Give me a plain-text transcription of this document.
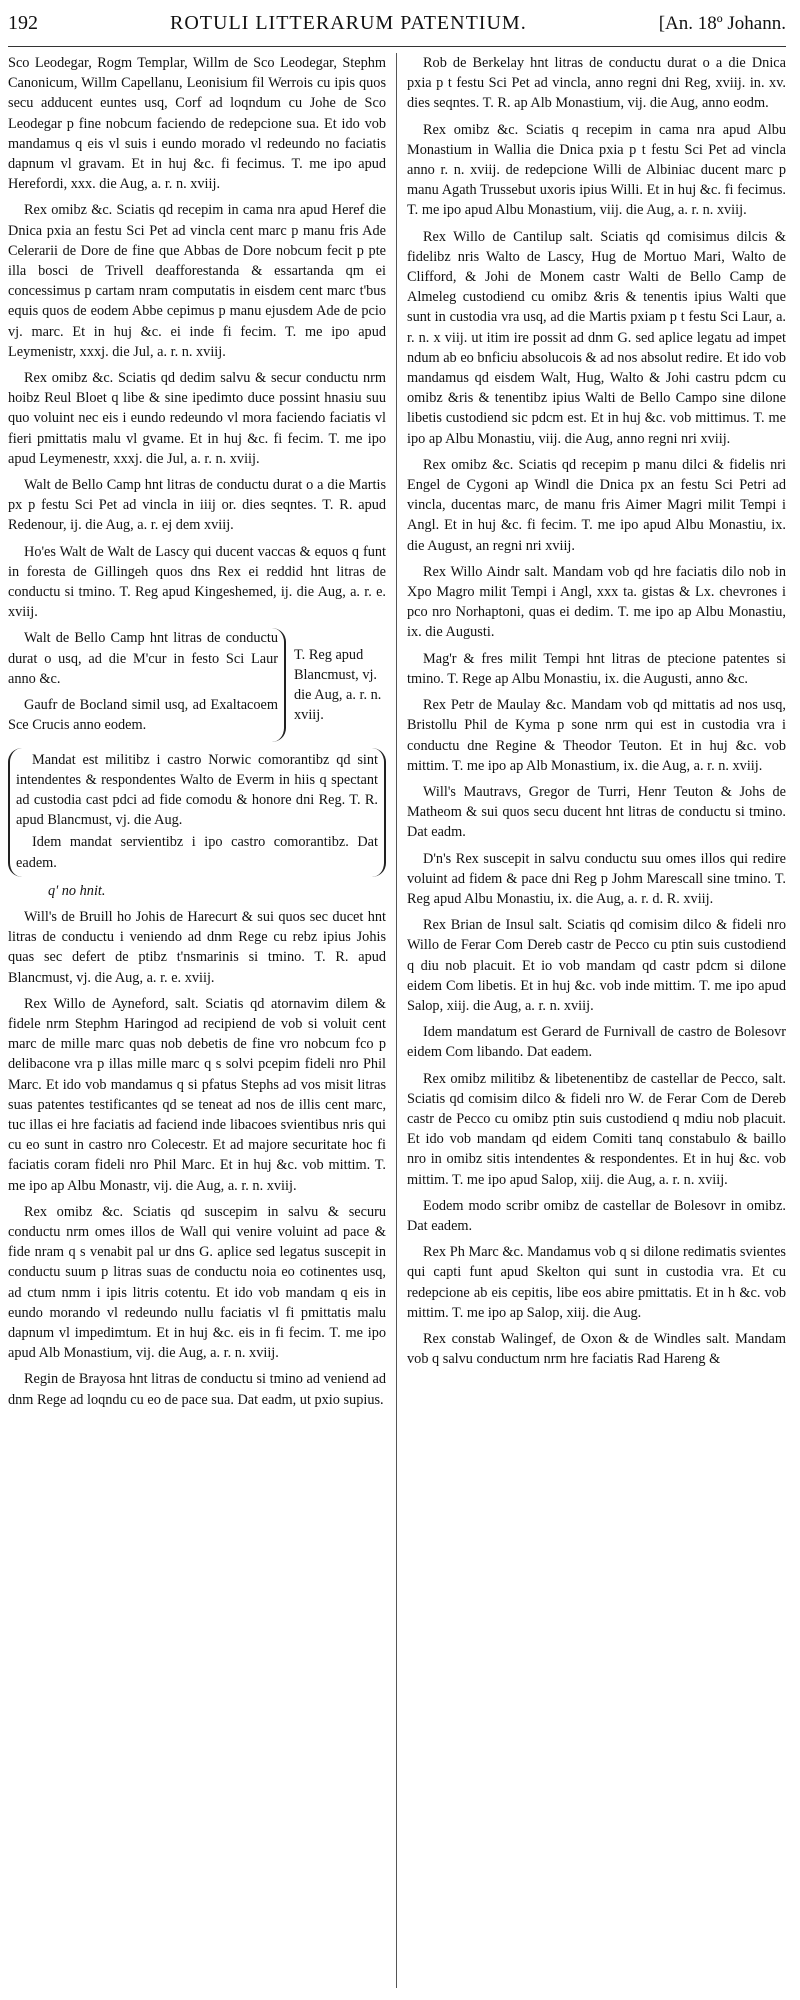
192	ROTULI LITTERARUM PATENTIUM.	[An. 18º Johann.

Sco Leodegar, Rogm Templar, Willm de Sco Leodegar, Stephm Canonicum, Willm Capellanu, Leonisium fil Werrois cu ipis quos secu adducent euntes usq, Corf ad loqndum cu Johe de Sco Leodegar p fine nobcum faciendo de redepcione sua. Et ido vob mandamus q eis vl suis i eundo morado vl redeundo no faciatis dapnum vl gravam. Et in huj &c. fi fecimus. T. me ipo apud Herefordi, xxx. die Aug, a. r. n. xviij.

Rex omibz &c. Sciatis qd recepim in cama nra apud Heref die Dnica pxia an festu Sci Pet ad vincla cent marc p manu fris Ade Celerarii de Dore de fine que Abbas de Dore nobcum fecit p pte illa bosci de Trivell deafforestanda & essartanda qm ei concessimus p cartam nram computatis in eisdem cent marc t'bus equis quos de eodem Abbe cepimus p manu ejusdem Ade de pcio vj. marc. Et in huj &c. ei inde fi fecim. T. me ipo apud Leymenistr, xxxj. die Jul, a. r. n. xviij.

Rex omibz &c. Sciatis qd dedim salvu & secur conductu nrm hoibz Reul Bloet q libe & sine ipedimto duce possint hnasiu suu quo voluint nec eis i eundo redeundo vl mora faciendo faciatis vl fieri pmittatis malu vl gvame. Et in huj &c. fi fecim. T. me ipo apud Leymenestr, xxxj. die Jul, a. r. n. xviij.

Walt de Bello Camp hnt litras de conductu durat o a die Martis px p festu Sci Pet ad vincla in iiij or. dies seqntes. T. R. apud Redenour, ij. die Aug, a. r. ej dem xviij.

Ho'es Walt de Walt de Lascy qui ducent vaccas & equos q funt in foresta de Gillingeh quos dns Rex ei reddid hnt litras de conductu si tmino. T. Reg apud Kingeshemed, ij. die Aug, a. r. e. xviij.

Walt de Bello Camp hnt litras de conductu durat o usq, ad die M'cur in festo Sci Laur anno &c.

Gaufr de Bocland simil usq, ad Exaltacoem Sce Crucis anno eodem.

T. Reg apud Blancmust, vj. die Aug, a. r. n. xviij.

Mandat est militibz i castro Norwic comorantibz qd sint intendentes & respondentes Walto de Everm in hiis q spectant ad custodia cast pdci ad fide comodu & honore dni Reg. T. R. apud Blancmust, vj. die Aug.

Idem mandat servientibz i ipo castro comorantibz. Dat eadem.

q' no hnit.

Will's de Bruill ho Johis de Harecurt & sui quos sec ducet hnt litras de conductu i veniendo ad dnm Rege cu rebz ipius Johis quas sec defert de ptibz t'nsmarinis si tmino. T. R. apud Blancmust, vj. die Aug, a. r. e. xviij.

Rex Willo de Ayneford, salt. Sciatis qd atornavim dilem & fidele nrm Stephm Haringod ad recipiend de vob si voluit cent marc de mille marc quas nob debetis de fine vro nobcum fco p delibacone vra p illas mille marc q s solvi pcepim fideli nro Phil Marc. Et ido vob mandamus q si pfatus Stephs ad vos misit litras suas patentes testificantes qd se teneat ad nos de illis cent marc, tuc illas ei hre faciatis ad faciend inde libacoes svientibus nris qui cu eo sunt in castro nro Colecestr. Et ad majore securitate hoc fi faciatis coram fideli nro Phil Marc. Et in huj &c. vob mittim. T. me ipo ap Albu Monastr, vij. die Aug, a. r. n. xviij.

Rex omibz &c. Sciatis qd suscepim in salvu & securu conductu nrm omes illos de Wall qui venire voluint ad pace & fide nram q s venabit pal ur dns G. aplice sed legatus suscepit in conductu suum p litras suas de conductu noia eo cotinentes usq, ad ctum nmm i ipis litris cotentu. Et ido vob mandam q eis in eundo morando vl redeundo nullu faciatis vl fi pmittatis malu dapnum vl impedimtum. Et in huj &c. eis in fi fecim. T. me ipo apud Alb Monastium, vij. die Aug, a. r. n. xviij.

Regin de Brayosa hnt litras de conductu si tmino ad veniend ad dnm Rege ad loqndu cu eo de pace sua. Dat eadm, ut pxio supius.

Rob de Berkelay hnt litras de conductu durat o a die Dnica pxia p t festu Sci Pet ad vincla, anno regni dni Reg, xviij. in. xv. dies seqntes. T. R. ap Alb Monastium, vij. die Aug, anno eodm.

Rex omibz &c. Sciatis q recepim in cama nra apud Albu Monastium in Wallia die Dnica pxia p t festu Sci Pet ad vincla anno r. n. xviij. de redepcione Willi de Albiniac ducent marc p manu Agath Trussebut uxoris ipius Willi. Et in huj &c. fi fecimus. T. me ipo apud Albu Monastium, viij. die Aug, a. r. n. xviij.

Rex Willo de Cantilup salt. Sciatis qd comisimus dilcis & fidelibz nris Walto de Lascy, Hug de Mortuo Mari, Walto de Clifford, & Johi de Monem castr Walti de Bello Camp de Almeleg custodiend cu omibz &ris & tenentis ipius Walti que sunt in custodia vra usq, ad die Martis pxiam p t festu Sci Laur, a. r. n. x viij. ut itim ire possit ad dnm G. sed aplice legatu ad impet ndum ab eo bnficiu absolucois & ad nos absolut redire. Et ido vob mandamus qd eisdem Walt, Hug, Walto & Johi castru pdcm cu omibz &ris & tenentibz ipius Walti de Bello Campo sine dilone libetis custodiend sic pdcm est. Et in huj &c. vob mittimus. T. me ipo ap Albu Monastiu, viij. die Aug, anno regni nri xviij.

Rex omibz &c. Sciatis qd recepim p manu dilci & fidelis nri Engel de Cygoni ap Windl die Dnica px an festu Sci Petri ad vincla, ducentas marc, de manu fris Aimer Magri milit Tempi i Angl. Et in huj &c. fi fecim. T. me ipo apud Albu Monastiu, ix. die August, an regni nri xviij.

Rex Willo Aindr salt. Mandam vob qd hre faciatis dilo nob in Xpo Magro milit Tempi i Angl, xxx ta. gistas & Lx. chevrones i pco nro Norhaptoni, quas ei dedim. T. me ipo ap Albu Monastiu, ix. die Augusti.

Mag'r & fres milit Tempi hnt litras de ptecione patentes si tmino. T. Rege ap Albu Monastiu, ix. die Augusti, anno &c.

Rex Petr de Maulay &c. Mandam vob qd mittatis ad nos usq, Bristollu Phil de Kyma p sone nrm qui est in custodia vra i conductu dne Regine & Theodor Teuton. Et in huj &c. vob mittim. T. me ipo ap Alb Monastium, ix. die Aug, a. r. n. xviij.

Will's Mautravs, Gregor de Turri, Henr Teuton & Johs de Matheom & sui quos secu ducent hnt litras de conductu si tmino. Dat eadm.

D'n's Rex suscepit in salvu conductu suu omes illos qui redire voluint ad fidem & pace dni Reg p Johm Marescall sine tmino. T. Reg apud Albu Monastiu, ix. die Aug, a. r. d. R. xviij.

Rex Brian de Insul salt. Sciatis qd comisim dilco & fideli nro Willo de Ferar Com Dereb castr de Pecco cu ptin suis custodiend q diu nob placuit. Et io vob mandam qd castr pdcm si dilone eidem Com libetis. Et in huj &c. vob inde mittim. T. me ipo apud Salop, xiij. die Aug, a. r. n. xviij.

Idem mandatum est Gerard de Furnivall de castro de Bolesovr eidem Com libando. Dat eadem.

Rex omibz militibz & libetenentibz de castellar de Pecco, salt. Sciatis qd comisim dilco & fideli nro W. de Ferar Com de Dereb castr de Pecco cu omibz ptin suis custodiend q mdiu nob placuit. Et ido vob mandam qd eidem Comiti tanq constabulo & baillo nro in omibz sitis intendentes & respondentes. Et in huj &c. vob mittim. T. me ipo apud Salop, xiij. die Aug, a. r. n. xviij.

Eodem modo scribr omibz de castellar de Bolesovr in omibz. Dat eadem.

Rex Ph Marc &c. Mandamus vob q si dilone redimatis svientes qui capti funt apud Skelton qui sunt in custodia vra. Et cu redepcione ab eis cepitis, libe eos abire pmittatis. Et in h &c. vob mittim. T. me ipo ap Salop, xiij. die Aug.

Rex constab Walingef, de Oxon & de Windles salt. Mandam vob q salvu conductum nrm hre faciatis Rad Hareng &
